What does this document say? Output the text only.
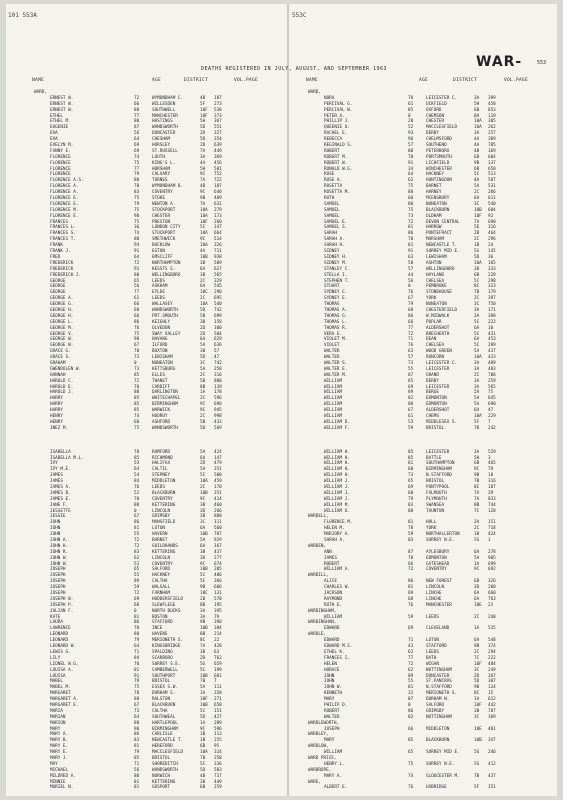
101 553A	553C
WAR-	553
DEATHS REGISTERED IN JULY, AUGUST, AND SEPTEMBER 1963
NAME	AGE	DISTRICT	VOL.PAGE	NAME	AGE	DISTRICT	VOL.PAGE
WARD,
ERNEST W.	72	WYMONDHAM C.	4B 187
ERNEST W.	66	WILLESDEN	5F 273
ERNEST W.	88	SOUTHWELL	10F 538
ETHEL	77	MANCHESTER	10F 373
ETHEL M.	80	HASTINGS	5H 367
EUGENIE	87	WANDSWORTH	5D 551
EVA	56	DONCASTER	2D 327
EVA	64	CHESHAM	5D 354
EVELYN M.	69	HORSLEY	2D 639
FANNY E.	69	ST.RUSSELL	7A 449
FLORENCE	74	LOUTH	3A 369
FLORENCE	75	KING'S L.	4A 456
FLORENCE	77	HORSHAM	5H 581
FLORENCE	79	CALVARY	9C 752
FLORENCE A.S.	80	TORNES	7A 722
FLORENCE A.	78	WYMONDHAM B.	4B 187
FLORENCE A.	83	COVENTRY	9C 640
FLORENCE E.	75	STOKE	9B 409
FLORENCE E.	79	NEWTON A.	7A 631
FLORENCE M.	75	STOCKPORT	10A 279
FLORENCE E.	90	CHESTER	10A 173
FRANCES	75	PRESTON	10F 260
FRANCES L.	36	LONDON CITY	5C 147
FRANCES S.	74	STOCKPORT	10A 664
FRANCES T.	80	SMETHWICK	9C 514
FRANK	94	BUCKLOW	10A 326
FRANK J.	91	EGTON	4A 711
FRED	64	EMSCLIFF	10B 938
FREDERICK	72	NORTHAMPTON	3B 509
FREDERICK	91	KESSTS S.	6A 627
FREDERICK J.	80	WELLINGBORO	3B 565
GEORGE	65	LEEDS	2C 329
GEORGE	56	ASKHAM	6A 545
GEORGE	77	EYLDE	10C 290
GEORGE A.	61	LEEDS	2C 695
GEORGE G.	66	WALLASEY	10A 540
GEORGE H.	68	WANDSWORTH	5D 742
GEORGE H.	66	PRT.SMOUTH	5B 699
GEORGE L.	86	KEIGHLY	3B 158
GEORGE M.	76	OLVEDON	2D 380
GEORGE V.	75	SWAY VALLEY	2D 504
GEORGE W.	98	HAVANG	6A 629
GEORGE W.	67	ILFORD	5A 636
GRACE G.	70	BUXTON	3B 57
GRACE S.	73	LEWISHAM	5D 47
GRAHAM	0	NUNEATON	3C 742
GWENDOLEN W.	73	KETTSBURG	5A 258
HANNAH	85	ELLES	2C 316
HAROLD C.	72	THANET	5B 808
HAROLD E.	78	CARDIFF	8B 139
HAROLD J.	80	DARLINGTON	1A 178
HARRY	85	WHITECHAPEL	2C 596
HARRY	85	BIRMINGHAM	9C 690
HARRY	85	WARWICK	9C 945
HENRY	74	HOORUY	2C 998
HENRY	68	ASHFORD	5B 433
INEZ M.	75	WANDSWORTH	5D 569
ISABELLA	78	ROMFORD	5A 424
ISABELLA M.L.	85	RICHMOND	6A 147
IVY	53	HALIFAX	2D 479
IVY M.E.	64	CALTIL	5A 351
JAMES	54	STEPNEY	5C 508
JAMES	84	MIDDLETON	10A 459
JAMES A.	76	LEEDS	2C 170
JAMES B.	52	BLACKBURN	10B 351
JAMES E.	78	COVENTRY	9C 414
JANE F.	88	KETTERING	3B 460
JESSETTE	0	LINCOLN	3D 266
JESSIE	67	GRIMSBY	3B 880
JOHN	86	MANSFIELD	3C 111
JOHN	81	LUTON	6A 560
JOHN	55	HAVERN	10B 707
JOHN A.	72	BARNET	5A 929
JOHN H.	72	GUILDHANDS	6A 167
JOHN R.	83	KETTERING	3B 437
JOHN W.	62	LINCOLN	3D 277
JOHN W.	51	COVENTRY	9C 674
JOSEPH	65	SALFORD	10B 205
JOSEPH	55	HACKNEY	5C 406
JOSEPH	89	CALTHA	5C 366
JOSEPH	59	WALSALL	9B 606
JOSEPH	72	FARNHAM	10C 131
JOSEPH W.	69	HUDDERSFIELD	2B 570
JOSEPH P.	68	SLEWFLEGE	8B 195
JULIAN F.	0	NORTH BUCKS	3A 395
KATE	81	BOSTON	3A 79
LAURA	86	STAFFORD	9B 390
LAWRENCE	70	INCE	10B 384
LEONARD	80	HAVENS	8B 214
LEONARD	79	MERIONETH S.	8C 22
LEONARD W.	64	KINGSBRIDGE	7A 428
LEWIS G.	71	SPALDING	3B 63
LILY	84	SCARBORO	2D 762
LIONEL W.G.	70	SURREY S.E.	5G 659
LOUISA A.	81	CAMBERWELL	5C 199
LOUISA	91	SOUTHPORT	10B 681
MABEL	79	BRISTOL	7B 7
MABEL M.	75	ESSEX S.W.	5A 111
MARGARET	78	DURHAM S.	1A 228
MARGARET A.	88	RALSTON	10F 271
MARGARET E.	67	BLACKBURN	10B 658
MARIA	73	CALTHA	5C 151
MARIAN	64	SOUTHWEAL	5D 427
MARION	88	HARTLEPOOL	1A 289
MARY	90	BIRMINGHAM	9C 596
MARY A.	86	CARLISLE	1B 113
MARY B.	83	NEWCASTLE T.	1B 255
MARY E.	81	HEREFORD	6B 95
MARY E.	79	MACCLESFIELD	10A 314
MARY J.	85	BRISTOL	7B 258
MAY	71	SHOREDITCH	5C 336
MICHAEL	56	WANDSWORTH	5D 583
MILDRED A.	80	NORWICH	4B 737
MINNIE	81	KETTERING	3B 449
MURIEL N.	81	GOSPORT	6B 259
WARD,
NORA	78	LEICESTER C.	3A 399
PERCIVAL G.	61	UCKFIELD	5H 458
PERCIVAL W.	85	OXFORD	6B 853
PETER A.	0	CHEMSON	8A 119
PHILLIP J.	28	CHESTER	10A 305
QUEENIE O.	52	MACCLESFIELD	10A 262
RACHEL E.	93	DERBY	3A 257
REBECCA	96	CHELMSFORD	4A 309
REGINALD S.	57	SOUTHEND	4A 785
ROBERT	80	PETERBORO	4B 169
ROBERT M.	78	PORTSMOUTH	6B 604
ROBERT W.	91	LICHFIELD	9B 137
RONALD W.G.	34	WINCHESTER	6B 650
ROSE	64	HACKNEY	5C 513
ROSE A.	62	HUNTINGDON	4A 507
ROSETTA	75	BARNET	5A 531
ROSETTA M.	88	HARNEY	2C 206
RUTH	60	MCENSBURY	6A 611
SAMUEL	80	NUNEATON	3C 540
SAMUEL	75	BLACKBURN	10B 684
SAMUEL	73	OLDHAM	10F 92
SAMUEL E.	72	DEVON CENTRAL	7A 690
SAMUEL S.	81	HARROW	5E 316
SARAH	86	PONTEFRACT	2B 464
SARAH A.	78	MARSHAM	2C 296
SARAH H.	81	NEWCASTLE T.	1B 24
SIDNEY	91	SURREY MID E.	5G 145
SIDNEY H.	63	LEWISHAM	5D 36
SIDNEY M.	58	ASHTON	10A 165
STANLEY C.	57	WELLINGBORO	3B 333
STELLA I.	44	HAYLAND	6B 229
STEPHEN T.	56	CHELSEA	5C 298
STUART	0	PEMBROKE	8C 323
SYDNEY C.	76	STONEHOUSE	7B 179
SYDNEY E.	67	YORK	2C 397
THOMAS	79	NUNEATON	3C 750
THOMAS A.	68	CHESTERFIELD	3A 171
THOMAS G.	86	W.MIDWALK	3A 398
THOMAS L.	66	POPLAR	5C 222
THOMAS R.	77	ALDERSHOT	6A 10
VERA E.	72	BRECHERTH	5C 431
VIOLET M.	71	DEAN	6A 453
VIOLET	76	CHELSEA	5C 209
WALTER	63	WOOD GREEN	5A 437
WALTER	57	RUNCORN	10A 423
WALTER S.	73	LEICESTER C.	3A 409
WALTER E.	55	LEICESTER	3A 483
WALTER M.	87	GRAND	2C 706
WILLIAM	85	DERBY	3A 259
WILLIAM	69	LEICESTER	3A 565
WILLIAM	89	BERGE	5A 75
WILLIAM	82	EDMONTON	5A 645
WILLIAM	80	EDMONTON	5A 690
WILLIAM	67	ALDERSHOT	6A 47
WILLIAM	61	CHEMS	10A 229
WILLIAM D.	53	MIDDLESEX S.	5F 7
WILLIAM F.	59	BRISTOL	7B 242
WILLIAM H.	85	LEICESTER	3A 529
WILLIAM H.	85	BATTLE	5H 3
WILLIAM H.	81	SOUTHAMPTON	6B 465
WILLIAM H.	60	BIRMINGHAM	9C 79
WILLIAM H.	73	N.STAFFORD	9B 18
WILLIAM J.	65	BRISTOL	7B 316
WILLIAM J.	69	PONTYPOOL	8C 187
WILLIAM J.	60	FALMOUTH	7A 29
WILLIAM J.	79	PLYMOUTH	7A 833
WILLIAM M.	83	SWANSEA	8B 744
WILLIAM O.	88	TAUNTON	7C 128
WARDELL,
FLORENCE M.	81	HULL	2A 151
HELEN M.	78	YORK	2C 718
MARJORY A.	59	NORTHALLERTON	1B 424
SARAH A.	83	SURREY N.E.	5G 1
WARDEN,
ANN	87	AYLESBURY	6A 278
JAMES	78	EDMONTON	5A 905
ROBERT	66	GATESHEAD	1A 699
WILLIAM A.	72	COVENTRY	9C 692
WARDILL,
ALICE	86	NEW FOREST	6B 326
CHARLES W.	81	LINCOLN	3D 200
JACKSON	69	LINCHE	6A 660
RAYMOND	68	LINCHE	6A 763
RUTH E.	76	MANCHESTER	10E 23
WARDINGHAM,
WILLIAM	59	LEEDS	2C 240
WARDINGHAN,
EDWARD	69	CLEVELAND	1A 535
WARDLE,
EDWARD	71	LUTON	6A 548
EDWARD M.S.	43	STAFFORD	9B 374
ETHEL K.	62	LEEDS	2C 294
FRANCES I.	77	BATH	7C 222
HELEN	72	WIGAN	10F 484
HORACE	62	NOTTINGHAM	3C 249
JOHN	89	DONCASTER	2D 367
JOHN	55	ST.PANCRAS	5D 307
JOHN W.	81	N.STAFFORD	9B 124
KENNETH	31	MERIONETH S.	8C 15
MARY	87	DURHAM N.	1A 612
PHILIP D.	0	SALFORD	10F 442
ROBERT	86	GRIMSBY	3B 787
WALTER	82	NOTTINGHAM	3C 369
WARDLEWORTH,
JOSEPH	66	MIDDLETON	10E 481
WARDLEY,
MARY	85	BLACKBURN	10B 347
WARDLOW,
WILLIAM	65	SURREY MID E.	5G 246
WARD PRICE,
HENRY L.	75	SURREY N.E.	5G 412
WARDROPE,
MARY A.	74	GLOUCESTER M.	7B 437
WARE,
ALBERT E.	76	UXBRIDGE	5F 151
